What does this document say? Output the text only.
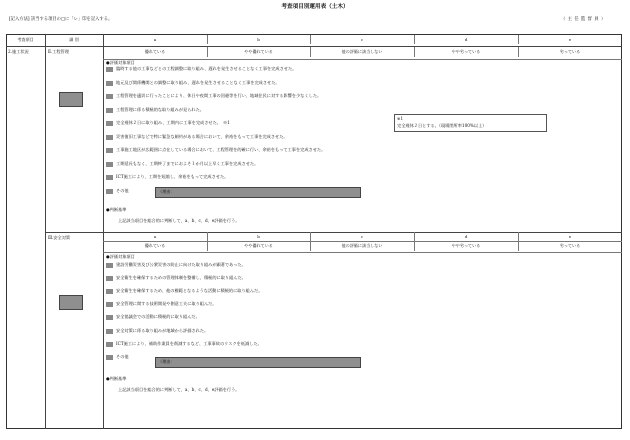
考査項目別運用表（土木）
[記入方法] 該当する項目の□に「レ」印を記入する。	（ 主 任 監 督 員 ）
考査項目	細 別	a	b	c	d	e
2.施工状況	Ⅱ.工程管理	優れている	やや優れている	他の評価に該当しない	やや劣っている	劣っている
●評価対象項目
臨時する他の工事などとの工程調整に取り組み、遅れを発生させることなく工事を完成させた。
地元及び関係機関との調整に取り組み、遅れを発生させることなく工事を完成させた。
工程管理を適切に行ったことにより、休日や夜間工事の回避等を行い、地域住民に対する影響を少なくした。
工程管理に係る積極的な取り組みが見られた。
完全週休２日に取り組み、工期内に工事を完成させた。　※1
災害復旧工事などで特に緊急な制約がある場合において、余裕をもって工事を完成させた。
工事施工地区が広範囲に点在している場合において、工程管理を的確に行い、余裕をもって工事を完成させた。
工期延長もなく、工期終了までにおよそ１か月以上早く工事を完成させた。
ICT施工により、工期を短縮し、余裕をもって完成させた。
その他	（理由：
※1
完全週休２日とする。（現場閉所率100%以上）
●判断基準
上記該当項目を総合的に判断して、a、b、c、d、e評価を行う。
Ⅲ.安全対策	a	b	c	d	e
優れている	やや優れている	他の評価に該当しない	やや劣っている	劣っている
●評価対象項目
建設労働災害及び公衆災害の防止に向けた取り組みが顕著であった。
安全衛生を確保するための管理体制を整備し、積極的に取り組んだ。
安全衛生を確保するため、他の模範となるような活動に積極的に取り組んだ。
安全管理に関する技術開発や創意工夫に取り組んだ。
安全協議会での活動に積極的に取り組んだ。
安全対策に係る取り組みが地域から評価された。
ICT施工により、補助作業員を削減するなど、工事事故のリスクを低減した。
その他
（理由：
●判断基準
上記該当項目を総合的に判断して、a、b、c、d、e評価を行う。
